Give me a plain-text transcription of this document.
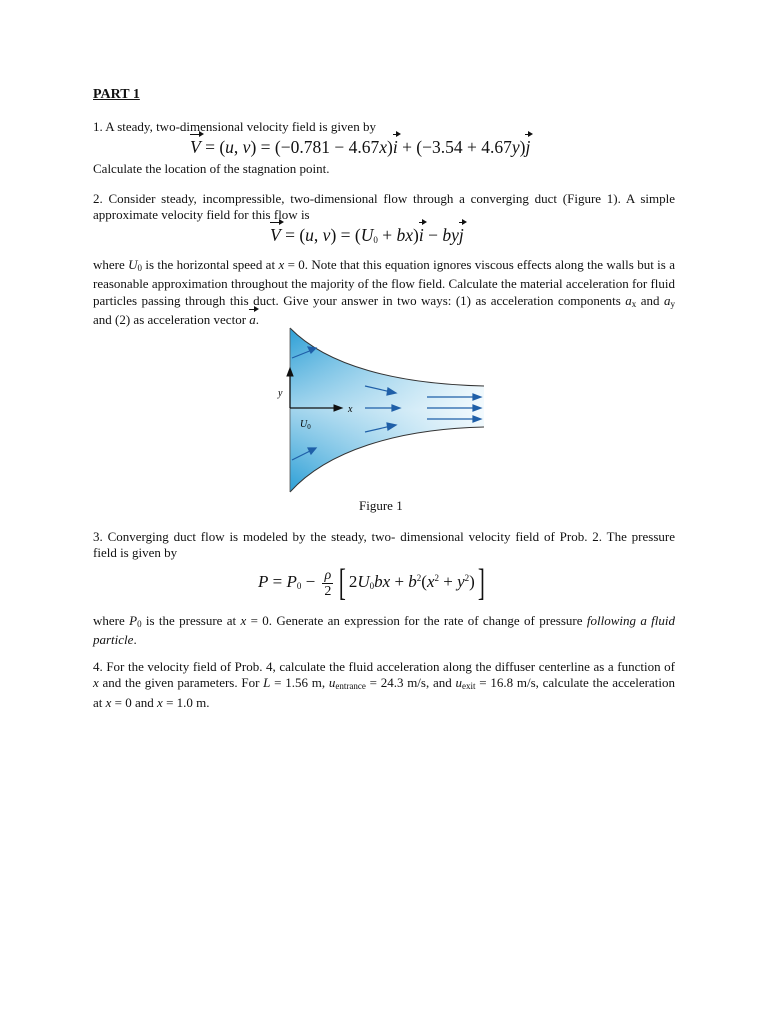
PART 1
1. A steady, two-dimensional velocity field is given by
V = (u, v) = (−0.781 − 4.67x)i + (−3.54 + 4.67y)j
Calculate the location of the stagnation point.
2. Consider steady, incompressible, two-dimensional flow through a converging duct (Figure 1). A simple approximate velocity field for this flow is
V = (u, $v) = (U_0 + bx)i$ − byj
where $U_0$ is the horizontal speed at x = 0. Note that this equation ignores viscous effects along the walls but is a reasonable approximation throughout the majority of the flow field. Calculate the material acceleration for fluid particles passing through this duct. Give your answer in two ways: (1) as acceleration components $a_x$ and $a_y$ and (2) as acceleration vector a.
y
x
$U_0$
Figure 1
3. Converging duct flow is modeled by the steady, two- dimensional velocity field of Prob. 2. The pressure field is given by
$P = P_0 - \frac{\rho}{2}$ [ $2U_0bx + b^2(x^2 + y^2)$]
where $P_0$ is the pressure at x = 0. Generate an expression for the rate of change of pressure following a fluid particle.
4. For the velocity field of Prob. 4, calculate the fluid acceleration along the diffuser centerline as a function of x and the given parameters. For L = 1.56 m, $u_{entrance} = 24.3$ m/s, and $u_{exit} = 16.8$ m/s, calculate the acceleration at x = 0 and x = 1.0 m.
